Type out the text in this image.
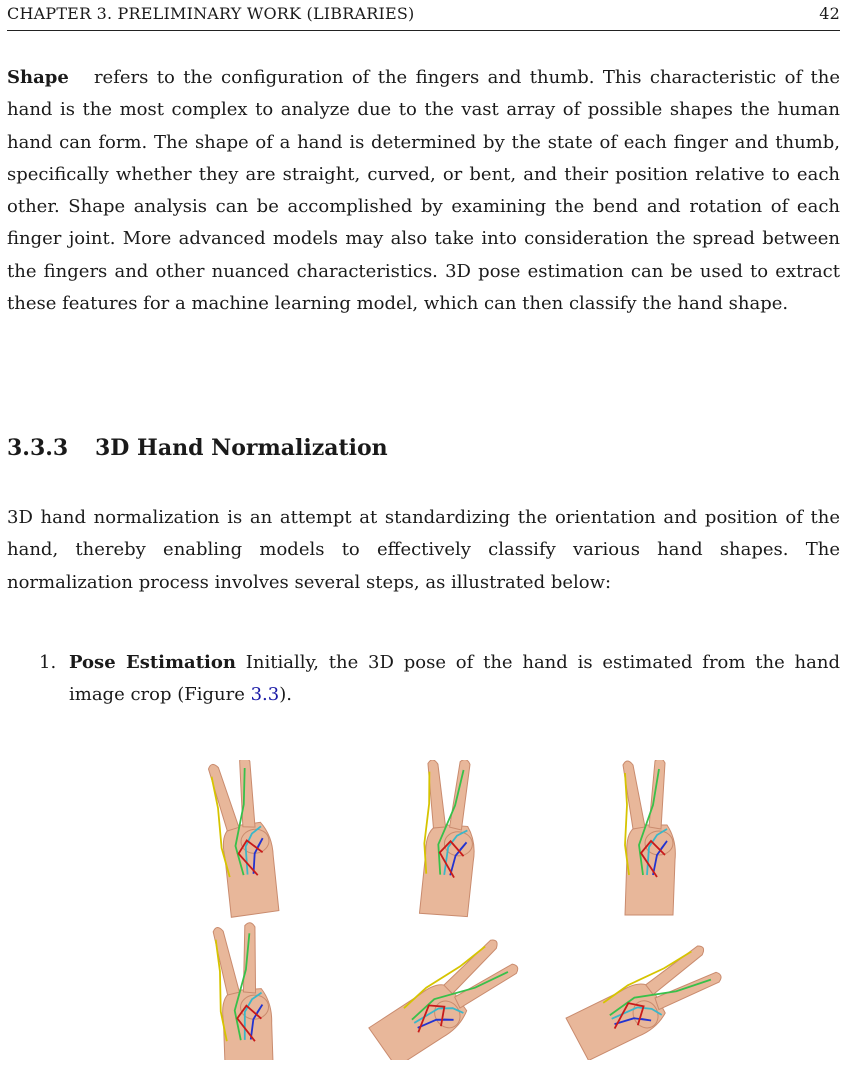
CHAPTER 3. PRELIMINARY WORK (LIBRARIES)	42

Shape refers to the configuration of the fingers and thumb. This characteristic of the hand is the most complex to analyze due to the vast array of possible shapes the human hand can form. The shape of a hand is determined by the state of each finger and thumb, specifically whether they are straight, curved, or bent, and their position relative to each other. Shape analysis can be accomplished by examining the bend and rotation of each finger joint. More advanced models may also take into consideration the spread between the fingers and other nuanced characteristics. 3D pose estimation can be used to extract these features for a machine learning model, which can then classify the hand shape.

3.3.3 3D Hand Normalization

3D hand normalization is an attempt at standardizing the orientation and position of the hand, thereby enabling models to effectively classify various hand shapes. The normalization process involves several steps, as illustrated below:

1. Pose Estimation Initially, the 3D pose of the hand is estimated from the hand image crop (Figure 3.3).
